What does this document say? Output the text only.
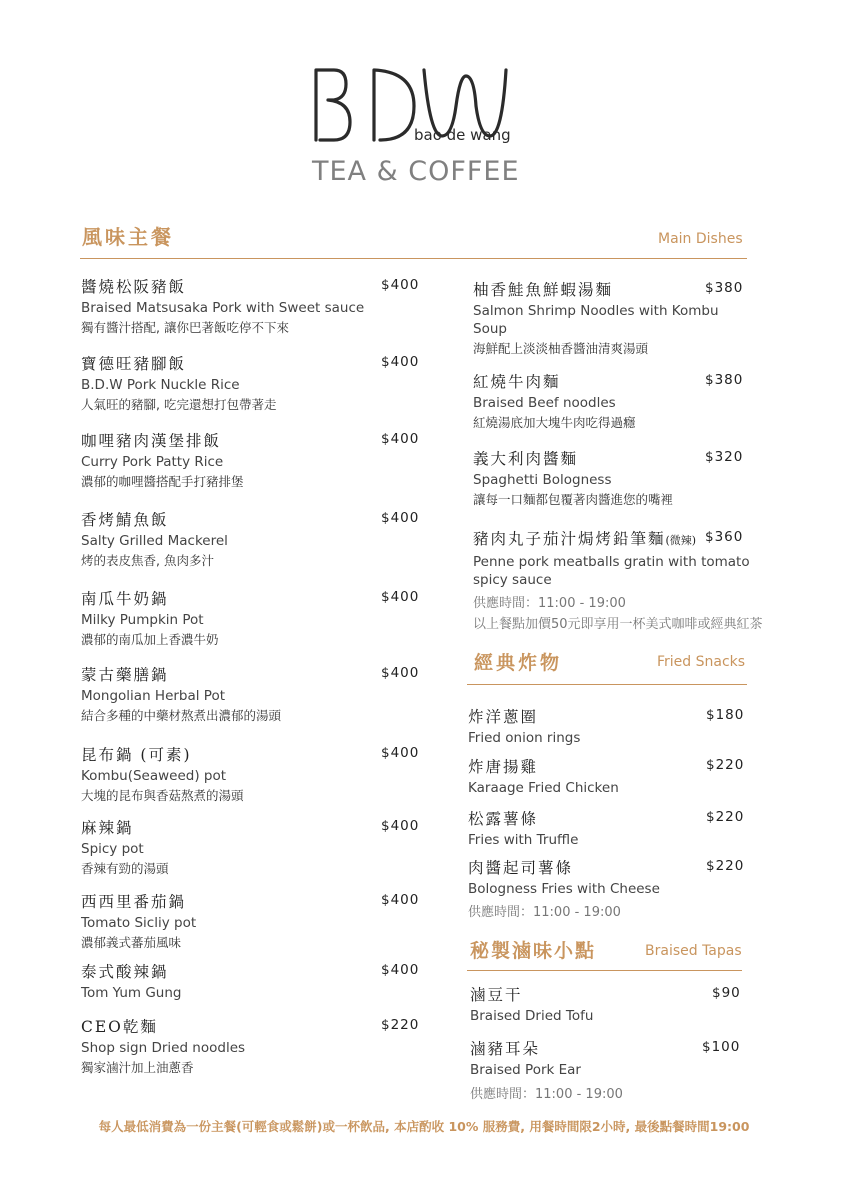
bao de wang
TEA & COFFEE
風味主餐	Main Dishes
醬燒松阪豬飯
Braised Matsusaka Pork with Sweet sauce
獨有醬汁搭配, 讓你巴著飯吃停不下來
$400
寶德旺豬腳飯
B.D.W Pork Nuckle Rice
人氣旺的豬腳, 吃完還想打包帶著走
$400
咖哩豬肉漢堡排飯
Curry Pork Patty Rice
濃郁的咖哩醬搭配手打豬排堡
$400
香烤鯖魚飯
Salty Grilled Mackerel
烤的表皮焦香, 魚肉多汁
$400
南瓜牛奶鍋
Milky Pumpkin Pot
濃郁的南瓜加上香濃牛奶
$400
蒙古藥膳鍋
Mongolian Herbal Pot
結合多種的中藥材熬煮出濃郁的湯頭
$400
昆布鍋 (可素)
Kombu(Seaweed) pot
大塊的昆布與香菇熬煮的湯頭
$400
麻辣鍋
Spicy pot
香辣有勁的湯頭
$400
西西里番茄鍋
Tomato Sicliy pot
濃郁義式蕃茄風味
$400
泰式酸辣鍋
Tom Yum Gung
$400
CEO乾麵
Shop sign Dried noodles
獨家滷汁加上油蔥香
$220
柚香鮭魚鮮蝦湯麵
Salmon Shrimp Noodles with Kombu Soup
海鮮配上淡淡柚香醬油清爽湯頭
$380
紅燒牛肉麵
Braised Beef noodles
紅燒湯底加大塊牛肉吃得過癮
$380
義大利肉醬麵
Spaghetti Bologness
讓每一口麵都包覆著肉醬進您的嘴裡
$320
豬肉丸子茄汁焗烤鉛筆麵(微辣)
Penne pork meatballs gratin with tomato spicy sauce
$360
供應時間：11:00 - 19:00
以上餐點加價50元即享用一杯美式咖啡或經典紅茶
經典炸物	Fried Snacks
炸洋蔥圈
Fried onion rings
$180
炸唐揚雞
Karaage Fried Chicken
$220
松露薯條
Fries with Truffle
$220
肉醬起司薯條
Bologness Fries with Cheese
$220
供應時間：11:00 - 19:00
秘製滷味小點	Braised Tapas
滷豆干
Braised Dried Tofu
$90
滷豬耳朵
Braised Pork Ear
$100
供應時間：11:00 - 19:00
每人最低消費為一份主餐(可輕食或鬆餅)或一杯飲品, 本店酌收 10% 服務費, 用餐時間限2小時, 最後點餐時間19:00
